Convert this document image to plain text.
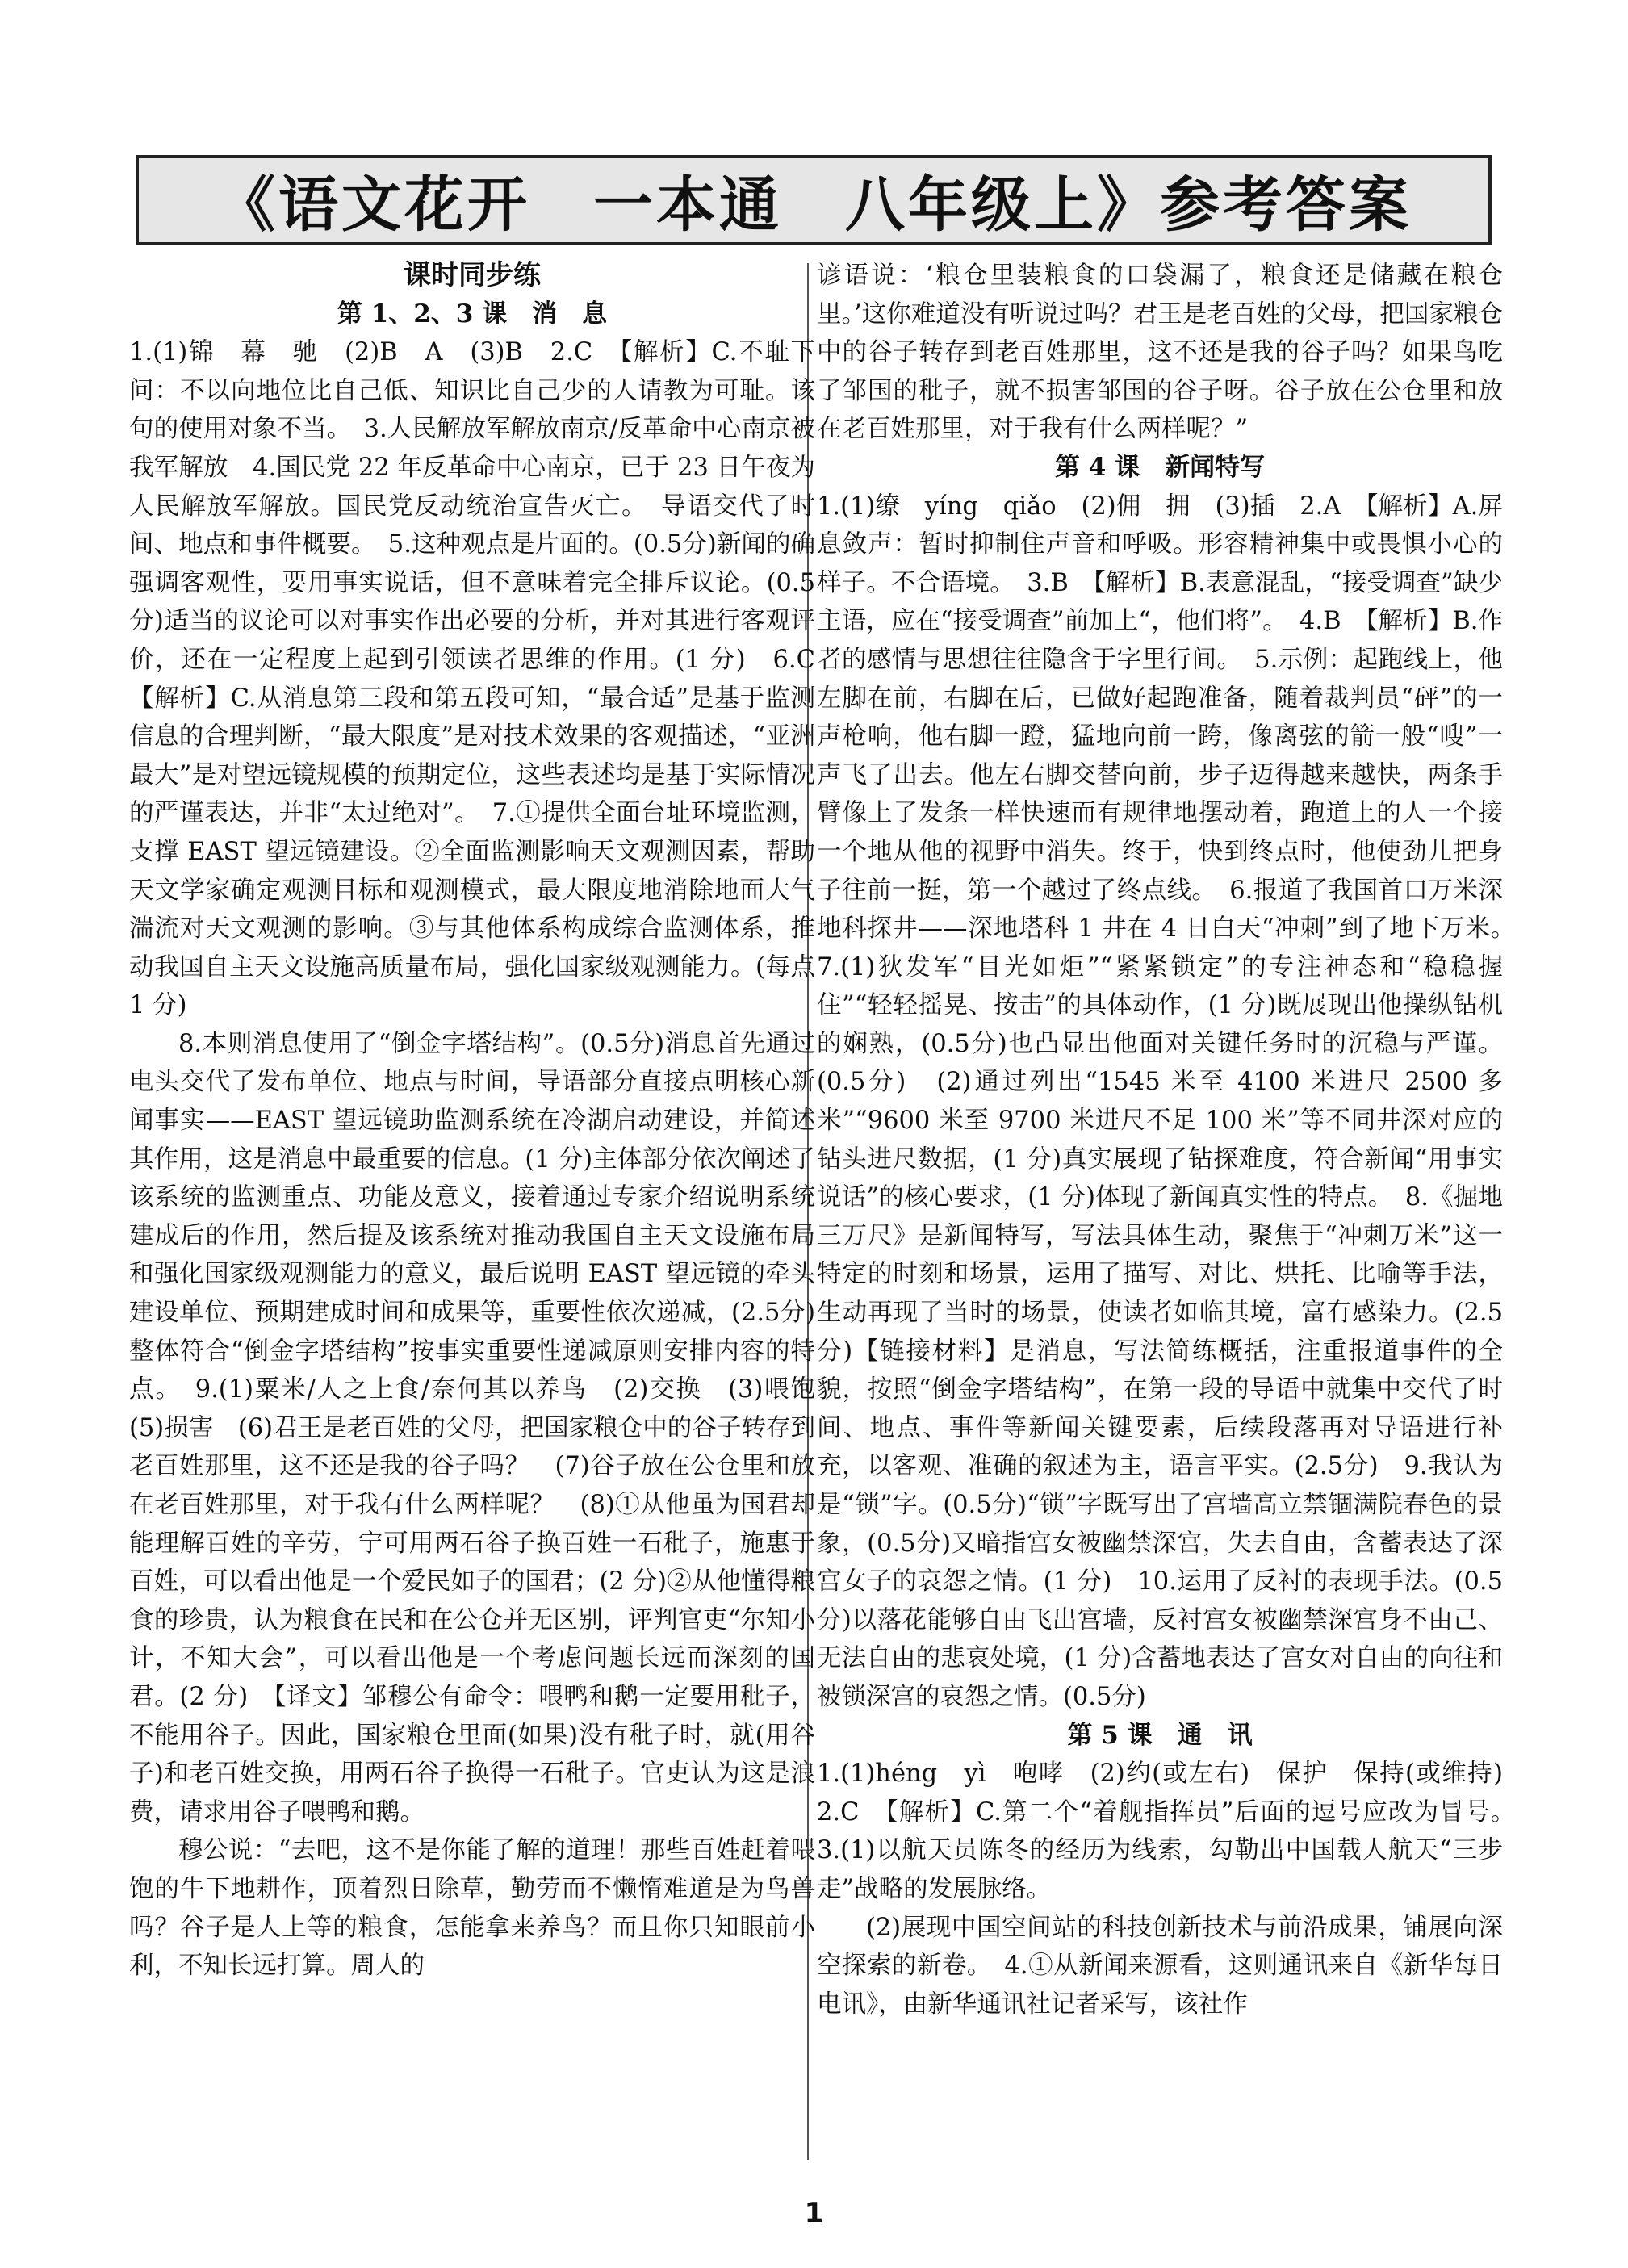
《语文花开　一本通　八年级上》参考答案

课时同步练

第 1、2、3 课　消　息

1.(1)锦　幕　驰　(2)B　A　(3)B　2.C　【解析】C.不耻下问：不以向地位比自己低、知识比自己少的人请教为可耻。该句的使用对象不当。　3.人民解放军解放南京/反革命中心南京被我军解放　4.国民党 22 年反革命中心南京，已于 23 日午夜为人民解放军解放。国民党反动统治宣告灭亡。　导语交代了时间、地点和事件概要。　5.这种观点是片面的。(0.5分)新闻的确强调客观性，要用事实说话，但不意味着完全排斥议论。(0.5分)适当的议论可以对事实作出必要的分析，并对其进行客观评价，还在一定程度上起到引领读者思维的作用。(1 分)　6.C　【解析】C.从消息第三段和第五段可知，“最合适”是基于监测信息的合理判断，“最大限度”是对技术效果的客观描述，“亚洲最大”是对望远镜规模的预期定位，这些表述均是基于实际情况的严谨表达，并非“太过绝对”。　7.①提供全面台址环境监测，支撑 EAST 望远镜建设。②全面监测影响天文观测因素，帮助天文学家确定观测目标和观测模式，最大限度地消除地面大气湍流对天文观测的影响。③与其他体系构成综合监测体系，推动我国自主天文设施高质量布局，强化国家级观测能力。(每点 1 分)

8.本则消息使用了“倒金字塔结构”。(0.5分)消息首先通过电头交代了发布单位、地点与时间，导语部分直接点明核心新闻事实——EAST 望远镜助监测系统在冷湖启动建设，并简述其作用，这是消息中最重要的信息。(1 分)主体部分依次阐述了该系统的监测重点、功能及意义，接着通过专家介绍说明系统建成后的作用，然后提及该系统对推动我国自主天文设施布局和强化国家级观测能力的意义，最后说明 EAST 望远镜的牵头建设单位、预期建成时间和成果等，重要性依次递减，(2.5分)整体符合“倒金字塔结构”按事实重要性递减原则安排内容的特点。　9.(1)粟米/人之上食/奈何其以养鸟　(2)交换　(3)喂饱　(5)损害　(6)君王是老百姓的父母，把国家粮仓中的谷子转存到老百姓那里，这不还是我的谷子吗？　(7)谷子放在公仓里和放在老百姓那里，对于我有什么两样呢？　(8)①从他虽为国君却能理解百姓的辛劳，宁可用两石谷子换百姓一石秕子，施惠于百姓，可以看出他是一个爱民如子的国君；(2 分)②从他懂得粮食的珍贵，认为粮食在民和在公仓并无区别，评判官吏“尔知小计，不知大会”，可以看出他是一个考虑问题长远而深刻的国君。(2 分)　【译文】邹穆公有命令：喂鸭和鹅一定要用秕子，不能用谷子。因此，国家粮仓里面(如果)没有秕子时，就(用谷子)和老百姓交换，用两石谷子换得一石秕子。官吏认为这是浪费，请求用谷子喂鸭和鹅。

穆公说：“去吧，这不是你能了解的道理！那些百姓赶着喂饱的牛下地耕作，顶着烈日除草，勤劳而不懒惰难道是为鸟兽吗？谷子是人上等的粮食，怎能拿来养鸟？而且你只知眼前小利，不知长远打算。周人的

谚语说：‘粮仓里装粮食的口袋漏了，粮食还是储藏在粮仓里。’这你难道没有听说过吗？君王是老百姓的父母，把国家粮仓中的谷子转存到老百姓那里，这不还是我的谷子吗？如果鸟吃了邹国的秕子，就不损害邹国的谷子呀。谷子放在公仓里和放在老百姓那里，对于我有什么两样呢？”

第 4 课　新闻特写

1.(1)缭　yíng　qiǎo　(2)佣　拥　(3)插　2.A　【解析】A.屏息敛声：暂时抑制住声音和呼吸。形容精神集中或畏惧小心的样子。不合语境。　3.B　【解析】B.表意混乱，“接受调查”缺少主语，应在“接受调查”前加上“，他们将”。　4.B　【解析】B.作者的感情与思想往往隐含于字里行间。　5.示例：起跑线上，他左脚在前，右脚在后，已做好起跑准备，随着裁判员“砰”的一声枪响，他右脚一蹬，猛地向前一跨，像离弦的箭一般“嗖”一声飞了出去。他左右脚交替向前，步子迈得越来越快，两条手臂像上了发条一样快速而有规律地摆动着，跑道上的人一个接一个地从他的视野中消失。终于，快到终点时，他使劲儿把身子往前一挺，第一个越过了终点线。　6.报道了我国首口万米深地科探井——深地塔科 1 井在 4 日白天“冲刺”到了地下万米。　7.(1)狄发军“目光如炬”“紧紧锁定”的专注神态和“稳稳握住”“轻轻摇晃、按击”的具体动作，(1 分)既展现出他操纵钻机的娴熟，(0.5分)也凸显出他面对关键任务时的沉稳与严谨。(0.5分)　(2)通过列出“1545 米至 4100 米进尺 2500 多米”“9600 米至 9700 米进尺不足 100 米”等不同井深对应的钻头进尺数据，(1 分)真实展现了钻探难度，符合新闻“用事实说话”的核心要求，(1 分)体现了新闻真实性的特点。　8.《掘地三万尺》是新闻特写，写法具体生动，聚焦于“冲刺万米”这一特定的时刻和场景，运用了描写、对比、烘托、比喻等手法，生动再现了当时的场景，使读者如临其境，富有感染力。(2.5分)【链接材料】是消息，写法简练概括，注重报道事件的全貌，按照“倒金字塔结构”，在第一段的导语中就集中交代了时间、地点、事件等新闻关键要素，后续段落再对导语进行补充，以客观、准确的叙述为主，语言平实。(2.5分)　9.我认为是“锁”字。(0.5分)“锁”字既写出了宫墙高立禁锢满院春色的景象，(0.5分)又暗指宫女被幽禁深宫，失去自由，含蓄表达了深宫女子的哀怨之情。(1 分)　10.运用了反衬的表现手法。(0.5分)以落花能够自由飞出宫墙，反衬宫女被幽禁深宫身不由己、无法自由的悲哀处境，(1 分)含蓄地表达了宫女对自由的向往和被锁深宫的哀怨之情。(0.5分)

第 5 课　通　讯

1.(1)héng　yì　咆哮　(2)约(或左右)　保护　保持(或维持)　2.C　【解析】C.第二个“着舰指挥员”后面的逗号应改为冒号。　3.(1)以航天员陈冬的经历为线索，勾勒出中国载人航天“三步走”战略的发展脉络。

(2)展现中国空间站的科技创新技术与前沿成果，铺展向深空探索的新卷。　4.①从新闻来源看，这则通讯来自《新华每日电讯》，由新华通讯社记者采写，该社作

1
